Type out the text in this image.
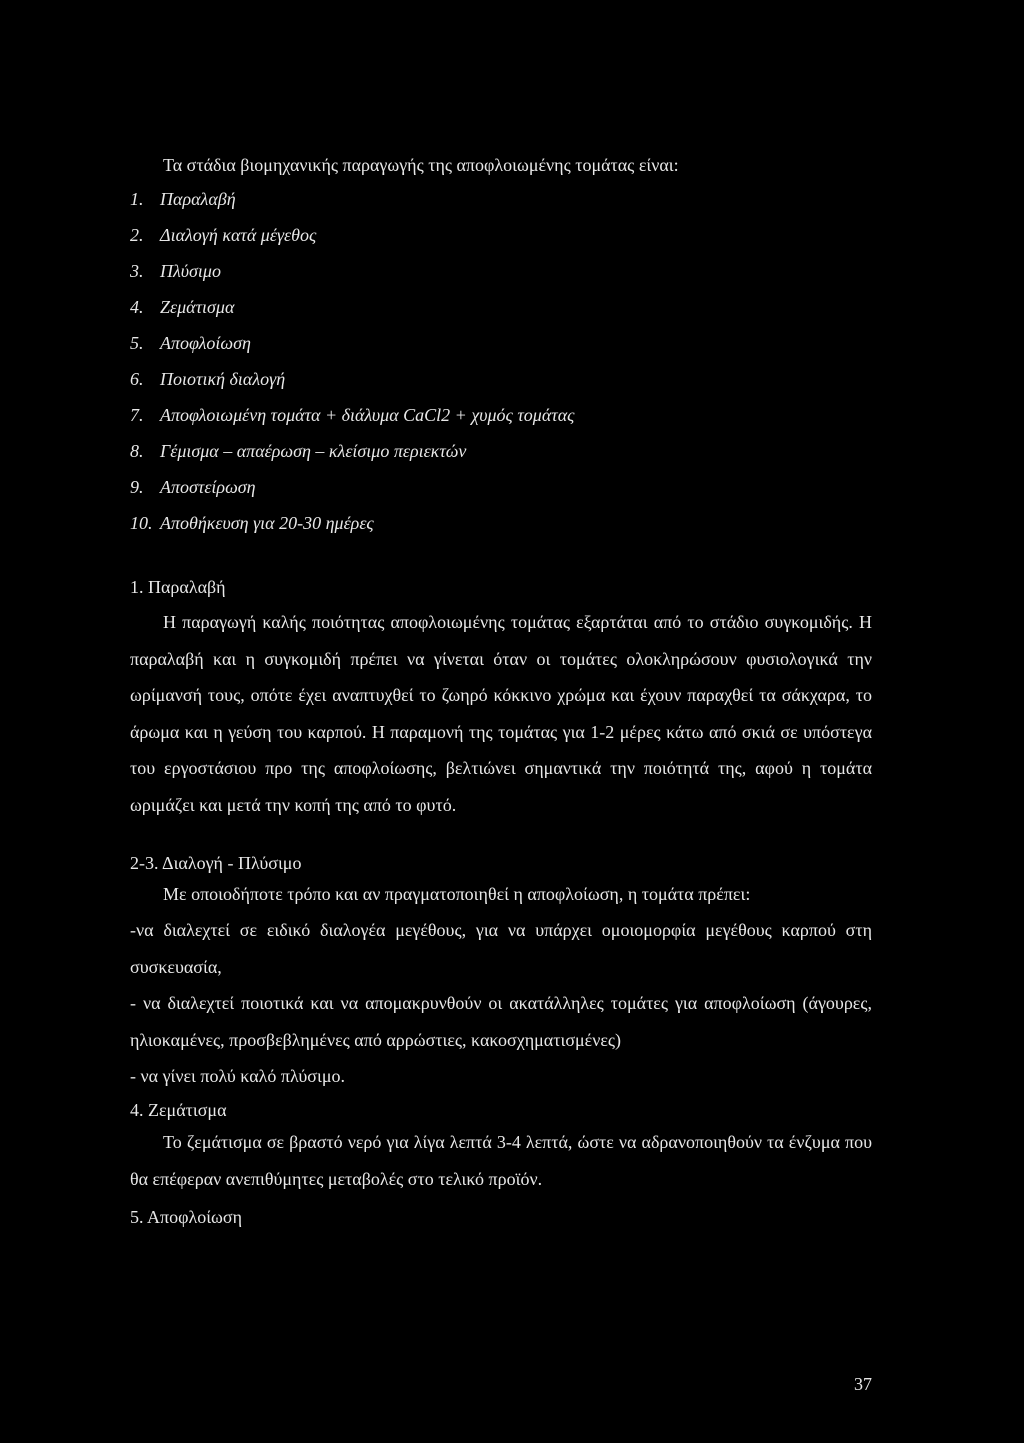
Τα στάδια βιομηχανικής παραγωγής της αποφλοιωμένης τομάτας είναι:
1. Παραλαβή
2. Διαλογή κατά μέγεθος
3. Πλύσιμο
4. Ζεμάτισμα
5. Αποφλοίωση
6. Ποιοτική διαλογή
7. Αποφλοιωμένη τομάτα + διάλυμα CaCl2 + χυμός τομάτας
8. Γέμισμα – απαέρωση – κλείσιμο περιεκτών
9. Αποστείρωση
10. Αποθήκευση για 20-30 ημέρες
1. Παραλαβή

Η παραγωγή καλής ποιότητας αποφλοιωμένης τομάτας εξαρτάται από το στάδιο συγκομιδής. Η παραλαβή και η συγκομιδή πρέπει να γίνεται όταν οι τομάτες ολοκληρώσουν φυσιολογικά την ωρίμανσή τους, οπότε έχει αναπτυχθεί το ζωηρό κόκκινο χρώμα και έχουν παραχθεί τα σάκχαρα, το άρωμα και η γεύση του καρπού. Η παραμονή της τομάτας για 1-2 μέρες κάτω από σκιά σε υπόστεγα του εργοστάσιου προ της αποφλοίωσης, βελτιώνει σημαντικά την ποιότητά της, αφού η τομάτα ωριμάζει και μετά την κοπή της από το φυτό.

2-3. Διαλογή - Πλύσιμο

Με οποιοδήποτε τρόπο και αν πραγματοποιηθεί η αποφλοίωση, η τομάτα πρέπει:

-να διαλεχτεί σε ειδικό διαλογέα μεγέθους, για να υπάρχει ομοιομορφία μεγέθους καρπού στη συσκευασία,

- να διαλεχτεί ποιοτικά και να απομακρυνθούν οι ακατάλληλες τομάτες για αποφλοίωση (άγουρες, ηλιοκαμένες, προσβεβλημένες από αρρώστιες, κακοσχηματισμένες)

- να γίνει πολύ καλό πλύσιμο.

4. Ζεμάτισμα

Το ζεμάτισμα σε βραστό νερό για λίγα λεπτά 3-4 λεπτά, ώστε να αδρανοποιηθούν τα ένζυμα που θα επέφεραν ανεπιθύμητες μεταβολές στο τελικό προϊόν.

5. Αποφλοίωση
37
